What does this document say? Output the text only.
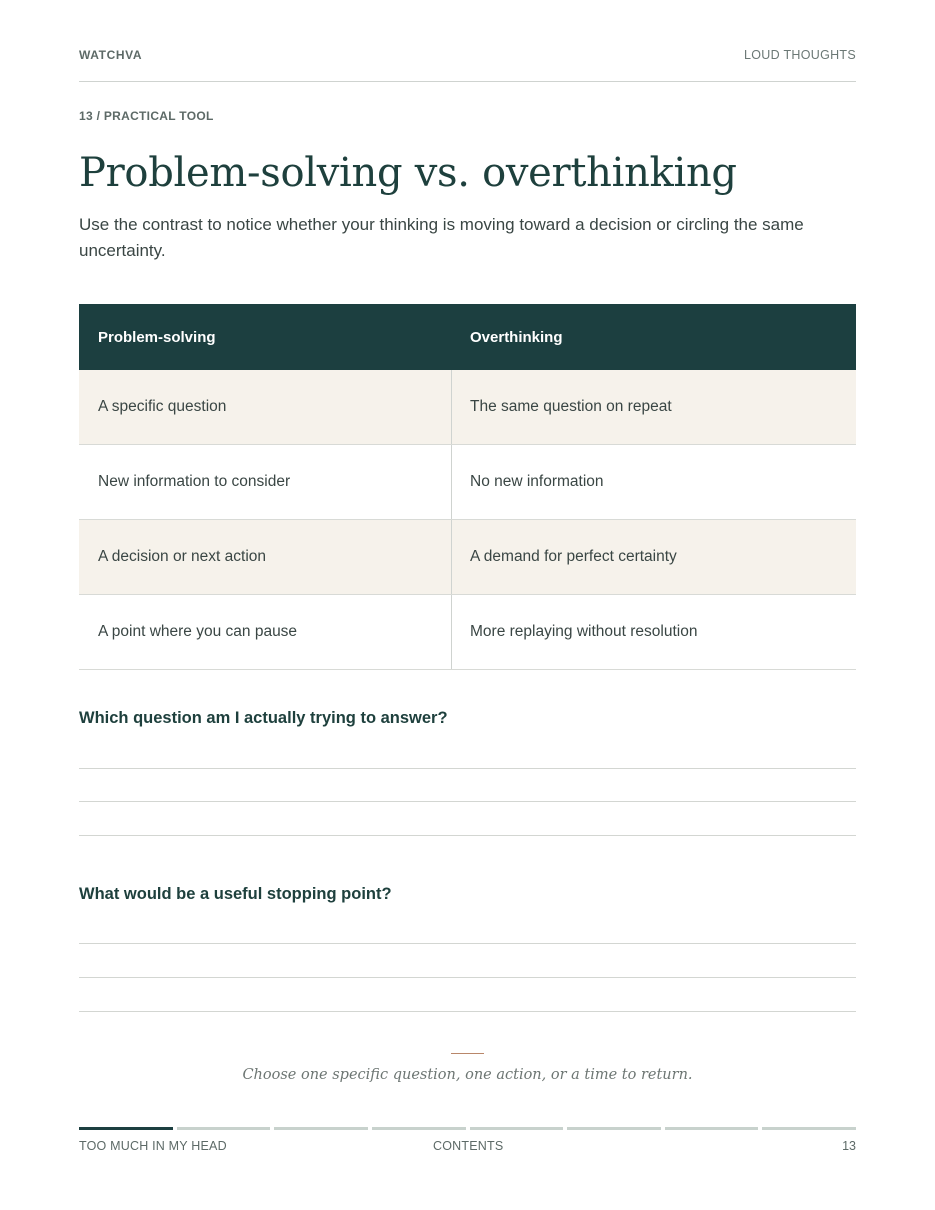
WATCHVA	LOUD THOUGHTS
13 / PRACTICAL TOOL
Problem-solving vs. overthinking

Use the contrast to notice whether your thinking is moving toward a decision or circling the same uncertainty.

Problem-solving	Overthinking
A specific question	The same question on repeat
New information to consider	No new information
A decision or next action	A demand for perfect certainty
A point where you can pause	More replaying without resolution
Which question am I actually trying to answer?
What would be a useful stopping point?
Choose one specific question, one action, or a time to return.
TOO MUCH IN MY HEAD	CONTENTS	13
